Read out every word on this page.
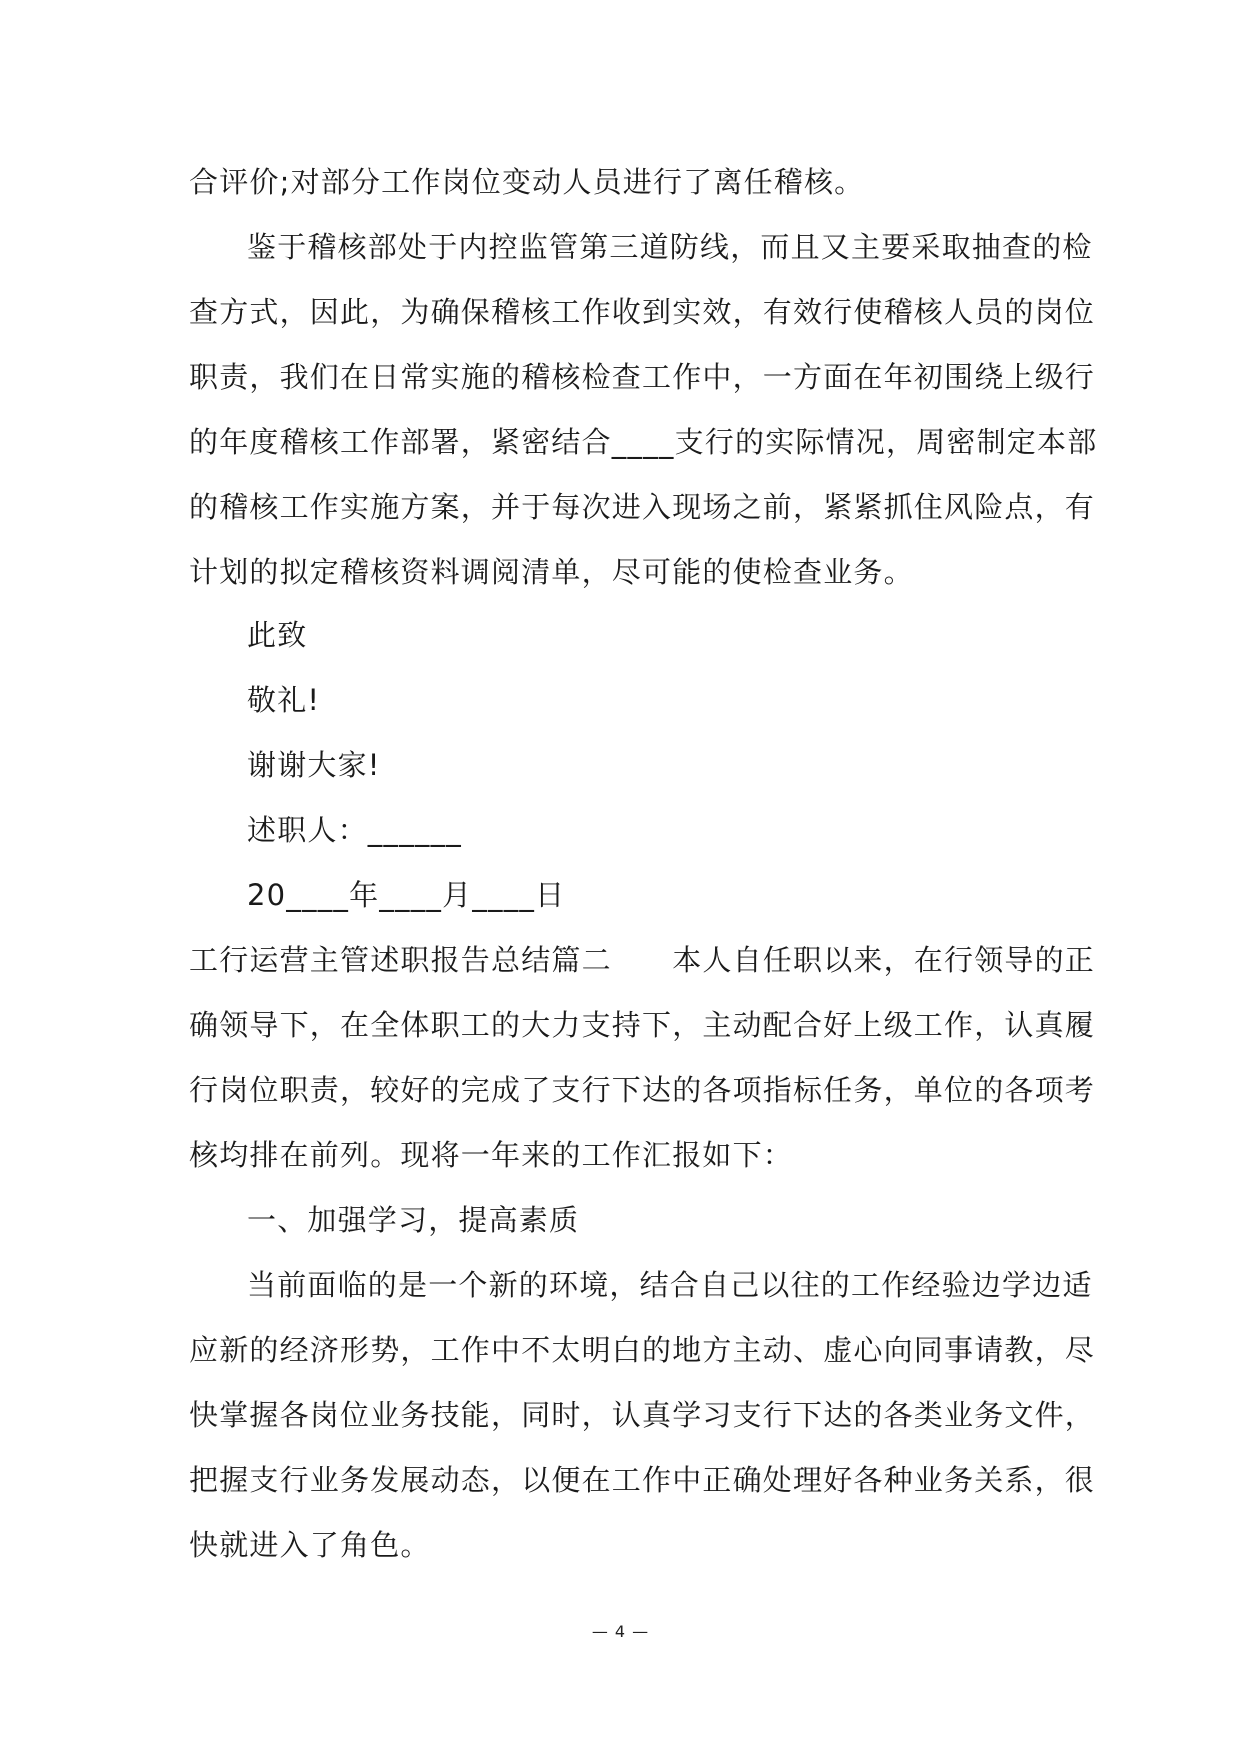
合评价;对部分工作岗位变动人员进行了离任稽核。
鉴于稽核部处于内控监管第三道防线，而且又主要采取抽查的检
查方式，因此，为确保稽核工作收到实效，有效行使稽核人员的岗位
职责，我们在日常实施的稽核检查工作中，一方面在年初围绕上级行
的年度稽核工作部署，紧密结合____支行的实际情况，周密制定本部
的稽核工作实施方案，并于每次进入现场之前，紧紧抓住风险点，有
计划的拟定稽核资料调阅清单，尽可能的使检查业务。
此致
敬礼!
谢谢大家!
述职人：______
20____年____月____日
工行运营主管述职报告总结篇二　　本人自任职以来，在行领导的正
确领导下，在全体职工的大力支持下，主动配合好上级工作，认真履
行岗位职责，较好的完成了支行下达的各项指标任务，单位的各项考
核均排在前列。现将一年来的工作汇报如下：
一、加强学习，提高素质
当前面临的是一个新的环境，结合自己以往的工作经验边学边适
应新的经济形势，工作中不太明白的地方主动、虚心向同事请教，尽
快掌握各岗位业务技能，同时，认真学习支行下达的各类业务文件，
把握支行业务发展动态，以便在工作中正确处理好各种业务关系，很
快就进入了角色。
— 4 —
